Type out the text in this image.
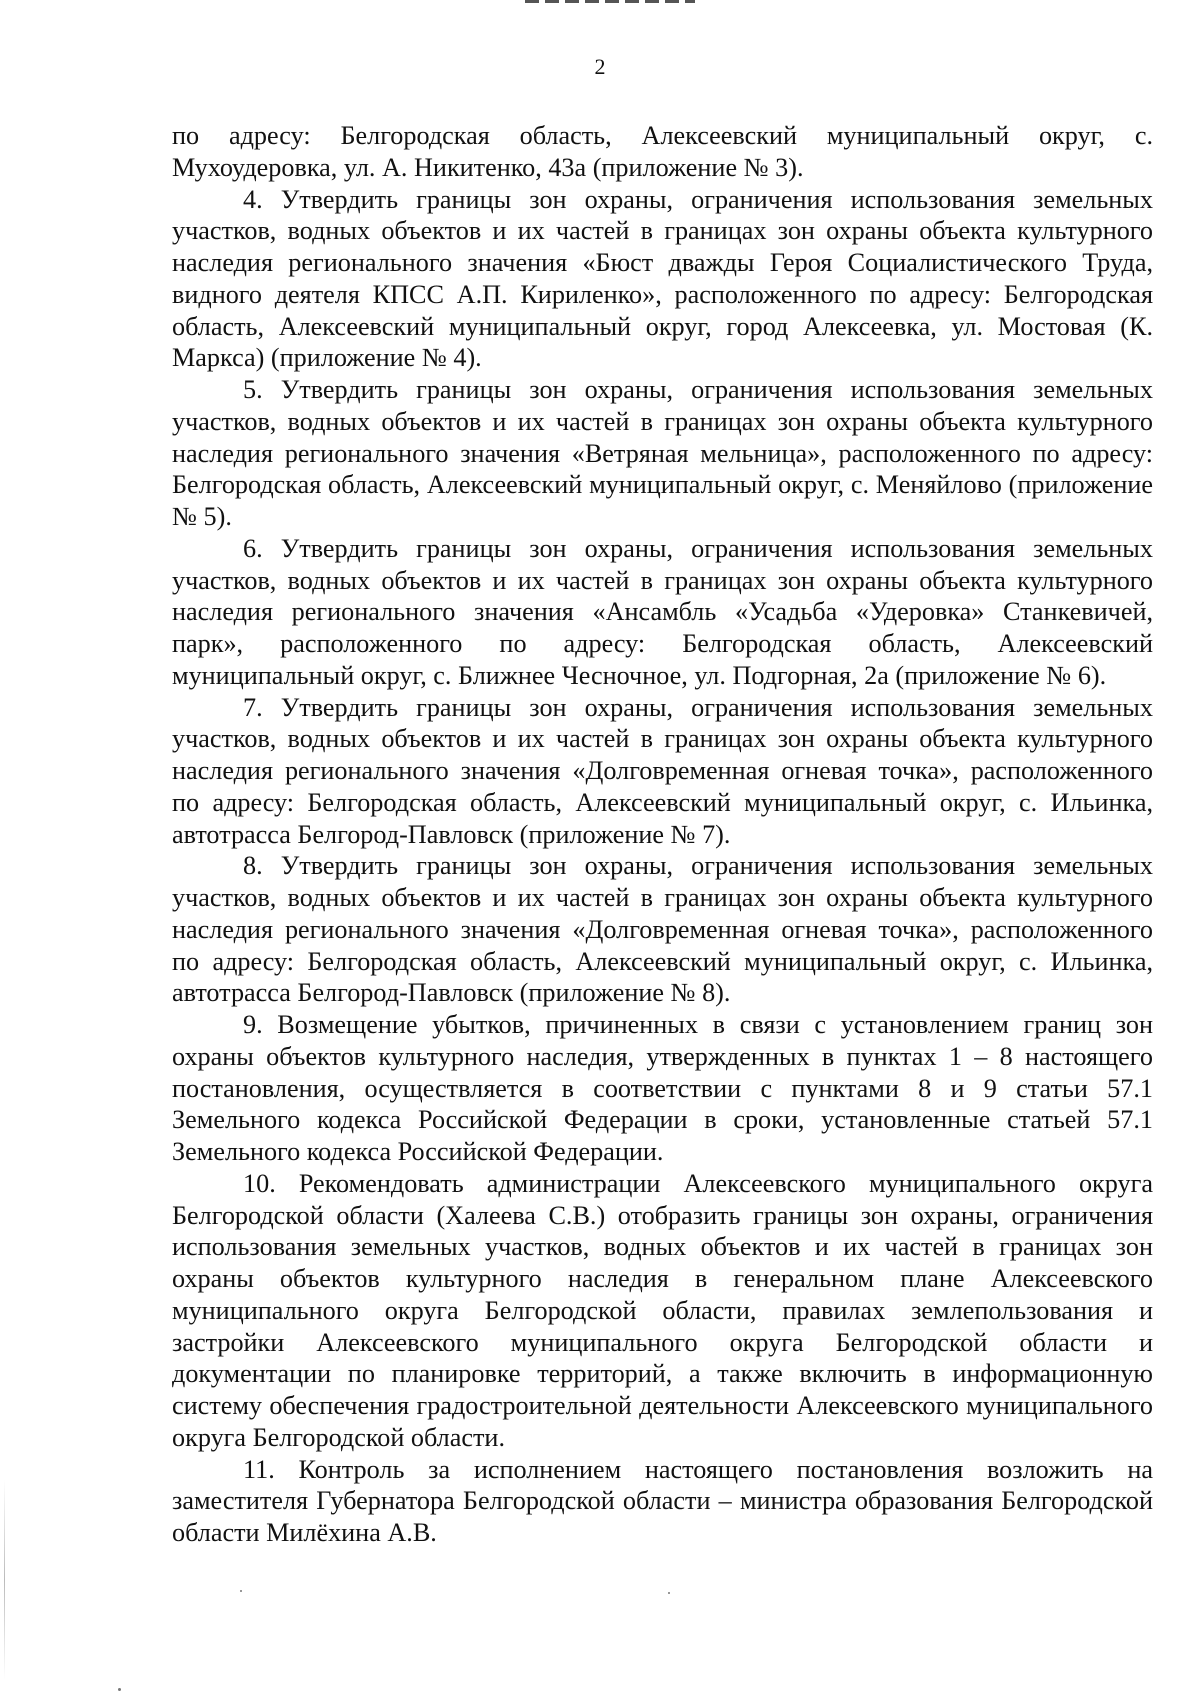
2

по адресу: Белгородская область, Алексеевский муниципальный округ, с. Мухоудеровка, ул. А. Никитенко, 43а (приложение № 3).

4. Утвердить границы зон охраны, ограничения использования земельных участков, водных объектов и их частей в границах зон охраны объекта культурного наследия регионального значения «Бюст дважды Героя Социалистического Труда, видного деятеля КПСС А.П. Кириленко», расположенного по адресу: Белгородская область, Алексеевский муниципальный округ, город Алексеевка, ул. Мостовая (К. Маркса) (приложение № 4).

5. Утвердить границы зон охраны, ограничения использования земельных участков, водных объектов и их частей в границах зон охраны объекта культурного наследия регионального значения «Ветряная мельница», расположенного по адресу: Белгородская область, Алексеевский муниципальный округ, с. Меняйлово (приложение № 5).

6. Утвердить границы зон охраны, ограничения использования земельных участков, водных объектов и их частей в границах зон охраны объекта культурного наследия регионального значения «Ансамбль «Усадьба «Удеровка» Станкевичей, парк», расположенного по адресу: Белгородская область, Алексеевский муниципальный округ, с. Ближнее Чесночное, ул. Подгорная, 2а (приложение № 6).

7. Утвердить границы зон охраны, ограничения использования земельных участков, водных объектов и их частей в границах зон охраны объекта культурного наследия регионального значения «Долговременная огневая точка», расположенного по адресу: Белгородская область, Алексеевский муниципальный округ, с. Ильинка, автотрасса Белгород-Павловск (приложение № 7).

8. Утвердить границы зон охраны, ограничения использования земельных участков, водных объектов и их частей в границах зон охраны объекта культурного наследия регионального значения «Долговременная огневая точка», расположенного по адресу: Белгородская область, Алексеевский муниципальный округ, с. Ильинка, автотрасса Белгород-Павловск (приложение № 8).

9. Возмещение убытков, причиненных в связи с установлением границ зон охраны объектов культурного наследия, утвержденных в пунктах 1 – 8 настоящего постановления, осуществляется в соответствии с пунктами 8 и 9 статьи 57.1 Земельного кодекса Российской Федерации в сроки, установленные статьей 57.1 Земельного кодекса Российской Федерации.

10. Рекомендовать администрации Алексеевского муниципального округа Белгородской области (Халеева С.В.) отобразить границы зон охраны, ограничения использования земельных участков, водных объектов и их частей в границах зон охраны объектов культурного наследия в генеральном плане Алексеевского муниципального округа Белгородской области, правилах землепользования и застройки Алексеевского муниципального округа Белгородской области и документации по планировке территорий, а также включить в информационную систему обеспечения градостроительной деятельности Алексеевского муниципального округа Белгородской области.

11. Контроль за исполнением настоящего постановления возложить на заместителя Губернатора Белгородской области – министра образования Белгородской области Милёхина А.В.
